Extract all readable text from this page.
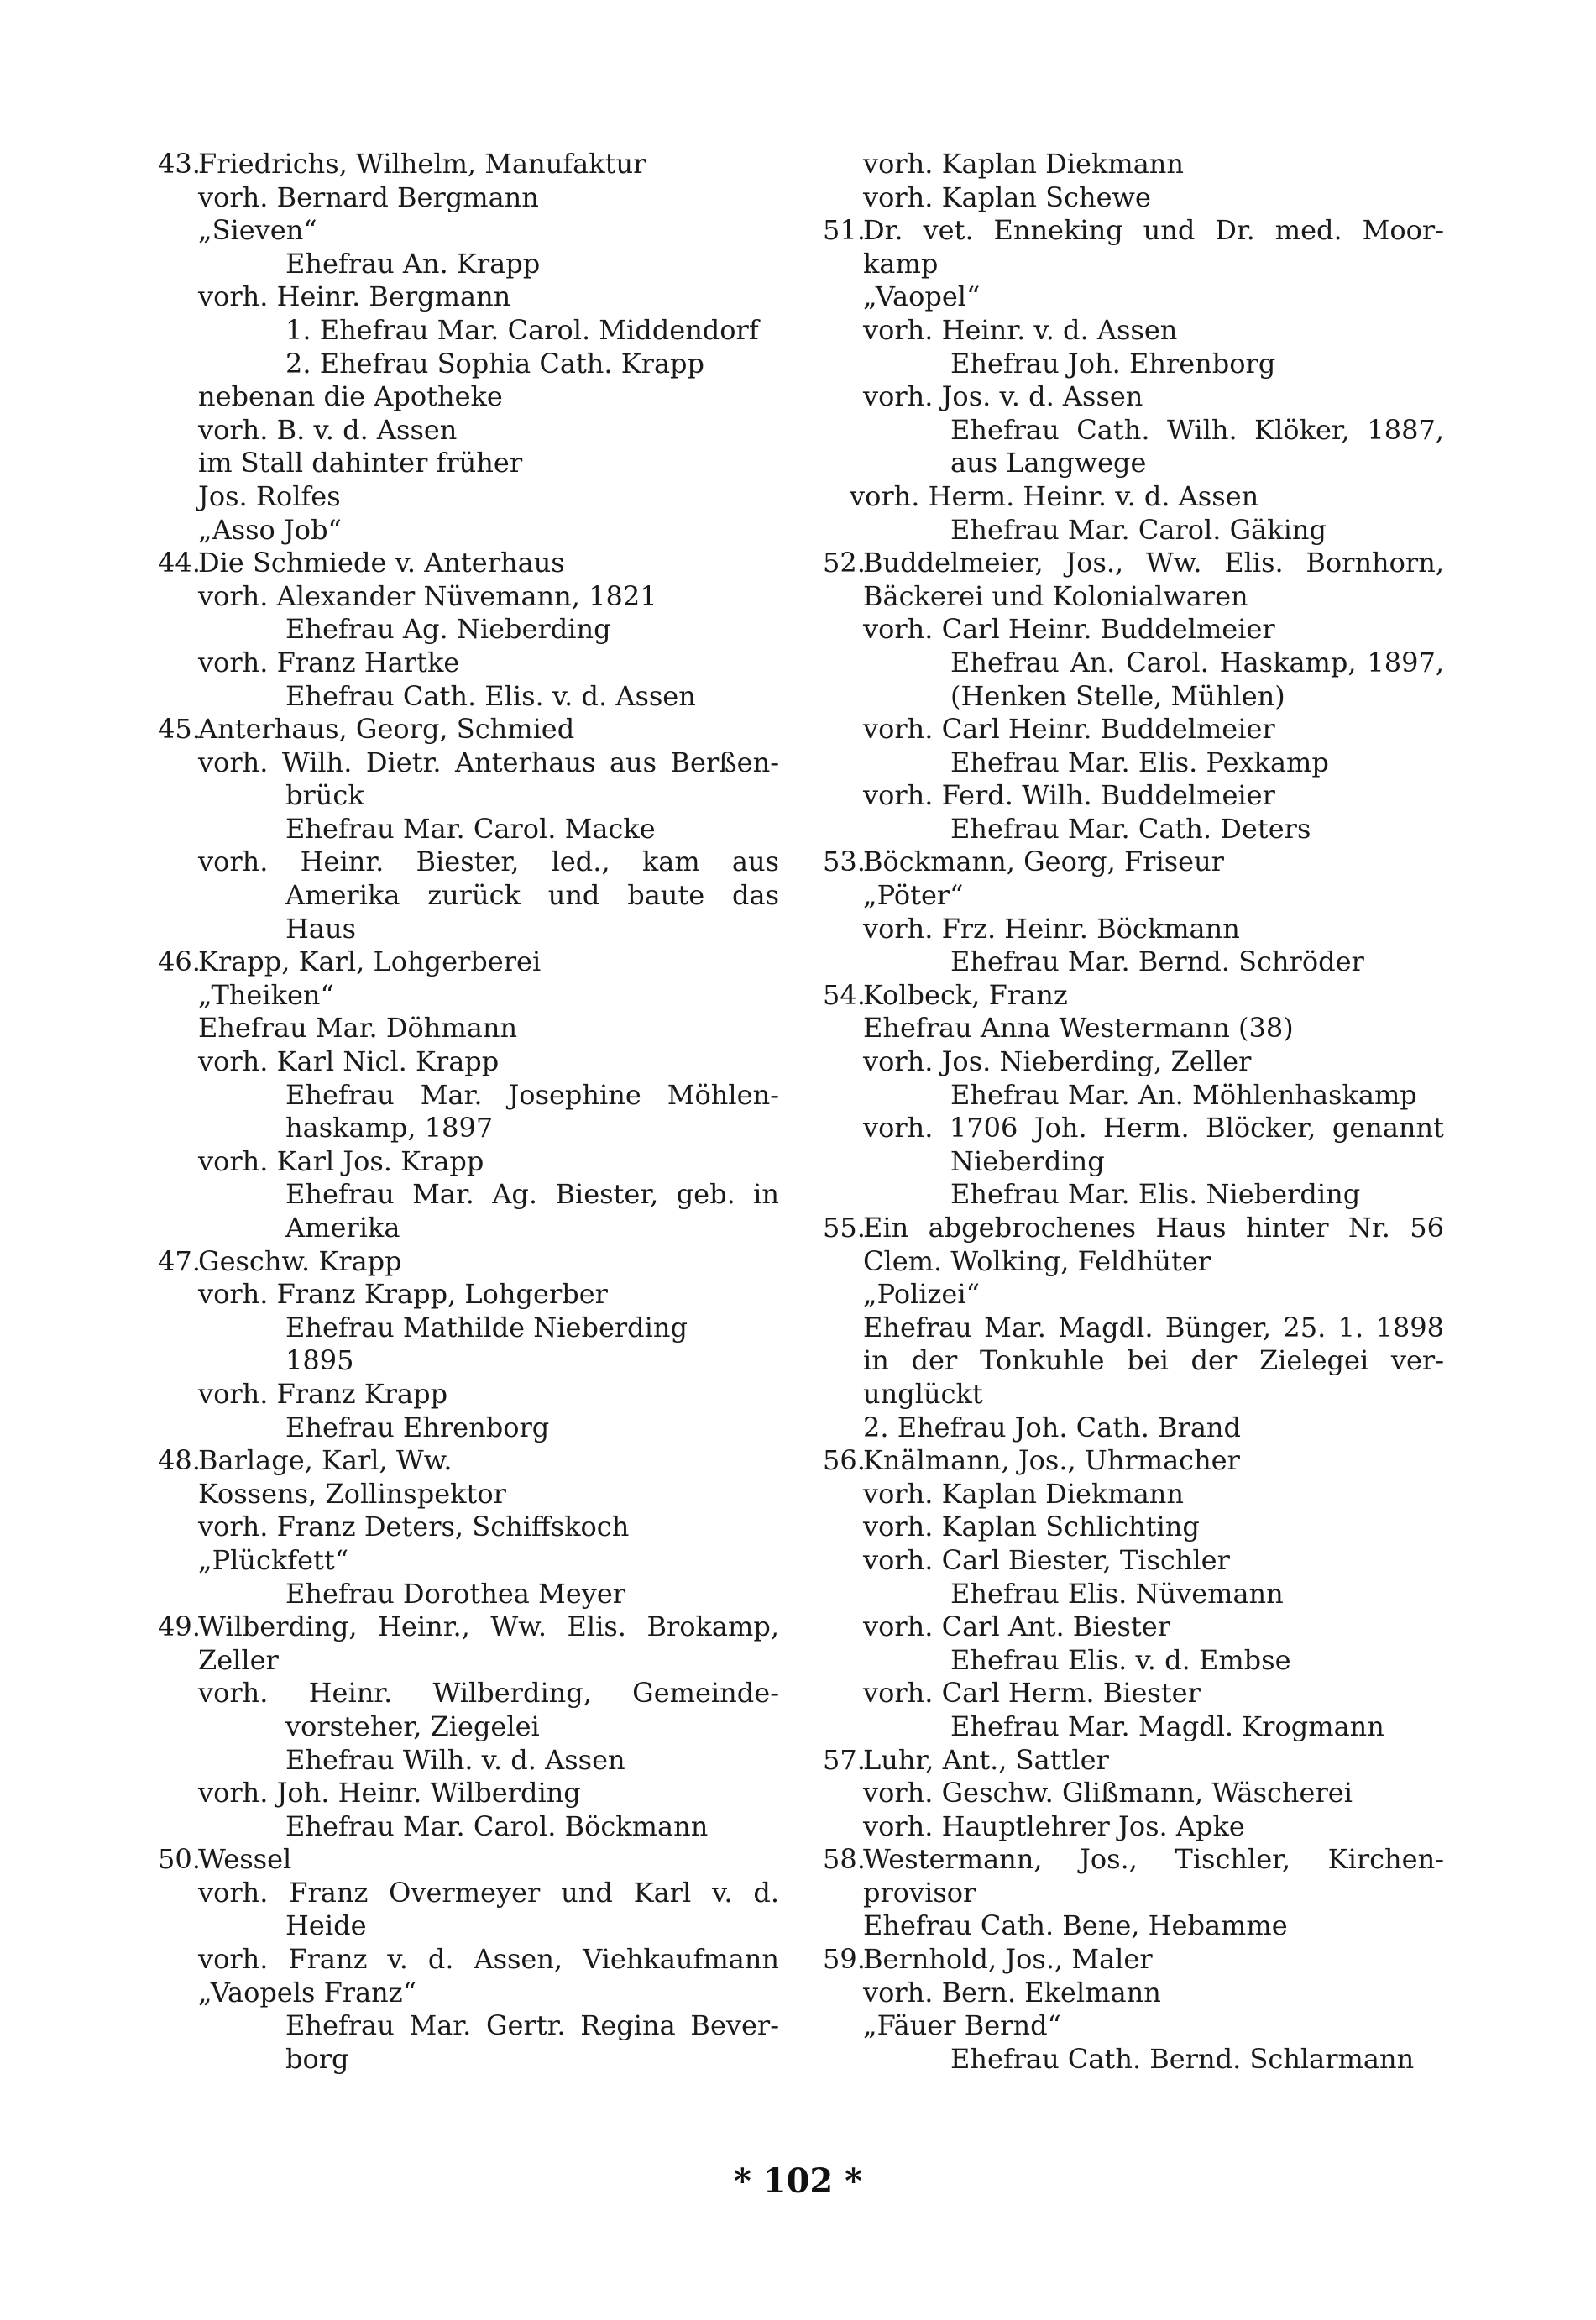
43.
Friedrichs, Wilhelm, Manufaktur
vorh. Bernard Bergmann
„Sieven“
Ehefrau An. Krapp
vorh. Heinr. Bergmann
1. Ehefrau Mar. Carol. Middendorf
2. Ehefrau Sophia Cath. Krapp
nebenan die Apotheke
vorh. B. v. d. Assen
im Stall dahinter früher
Jos. Rolfes
„Asso Job“
44.
Die Schmiede v. Anterhaus
vorh. Alexander Nüvemann, 1821
Ehefrau Ag. Nieberding
vorh. Franz Hartke
Ehefrau Cath. Elis. v. d. Assen
45.
Anterhaus, Georg, Schmied
vorh. Wilh. Dietr. Anterhaus aus Berßen-
brück
Ehefrau Mar. Carol. Macke
vorh. Heinr. Biester, led., kam aus
Amerika zurück und baute das
Haus
46.
Krapp, Karl, Lohgerberei
„Theiken“
Ehefrau Mar. Döhmann
vorh. Karl Nicl. Krapp
Ehefrau Mar. Josephine Möhlen-
haskamp, 1897
vorh. Karl Jos. Krapp
Ehefrau Mar. Ag. Biester, geb. in
Amerika
47.
Geschw. Krapp
vorh. Franz Krapp, Lohgerber
Ehefrau Mathilde Nieberding
1895
vorh. Franz Krapp
Ehefrau Ehrenborg
48.
Barlage, Karl, Ww.
Kossens, Zollinspektor
vorh. Franz Deters, Schiffskoch
„Plückfett“
Ehefrau Dorothea Meyer
49.
Wilberding, Heinr., Ww. Elis. Brokamp,
Zeller
vorh. Heinr. Wilberding, Gemeinde-
vorsteher, Ziegelei
Ehefrau Wilh. v. d. Assen
vorh. Joh. Heinr. Wilberding
Ehefrau Mar. Carol. Böckmann
50.
Wessel
vorh. Franz Overmeyer und Karl v. d.
Heide
vorh. Franz v. d. Assen, Viehkaufmann
„Vaopels Franz“
Ehefrau Mar. Gertr. Regina Bever-
borg
vorh. Kaplan Diekmann
vorh. Kaplan Schewe
51.
Dr. vet. Enneking und Dr. med. Moor-
kamp
„Vaopel“
vorh. Heinr. v. d. Assen
Ehefrau Joh. Ehrenborg
vorh. Jos. v. d. Assen
Ehefrau Cath. Wilh. Klöker, 1887,
aus Langwege
vorh. Herm. Heinr. v. d. Assen
Ehefrau Mar. Carol. Gäking
52.
Buddelmeier, Jos., Ww. Elis. Bornhorn,
Bäckerei und Kolonialwaren
vorh. Carl Heinr. Buddelmeier
Ehefrau An. Carol. Haskamp, 1897,
(Henken Stelle, Mühlen)
vorh. Carl Heinr. Buddelmeier
Ehefrau Mar. Elis. Pexkamp
vorh. Ferd. Wilh. Buddelmeier
Ehefrau Mar. Cath. Deters
53.
Böckmann, Georg, Friseur
„Pöter“
vorh. Frz. Heinr. Böckmann
Ehefrau Mar. Bernd. Schröder
54.
Kolbeck, Franz
Ehefrau Anna Westermann (38)
vorh. Jos. Nieberding, Zeller
Ehefrau Mar. An. Möhlenhaskamp
vorh. 1706 Joh. Herm. Blöcker, genannt
Nieberding
Ehefrau Mar. Elis. Nieberding
55.
Ein abgebrochenes Haus hinter Nr. 56
Clem. Wolking, Feldhüter
„Polizei“
Ehefrau Mar. Magdl. Bünger, 25. 1. 1898
in der Tonkuhle bei der Zielegei ver-
unglückt
2. Ehefrau Joh. Cath. Brand
56.
Knälmann, Jos., Uhrmacher
vorh. Kaplan Diekmann
vorh. Kaplan Schlichting
vorh. Carl Biester, Tischler
Ehefrau Elis. Nüvemann
vorh. Carl Ant. Biester
Ehefrau Elis. v. d. Embse
vorh. Carl Herm. Biester
Ehefrau Mar. Magdl. Krogmann
57.
Luhr, Ant., Sattler
vorh. Geschw. Glißmann, Wäscherei
vorh. Hauptlehrer Jos. Apke
58.
Westermann, Jos., Tischler, Kirchen-
provisor
Ehefrau Cath. Bene, Hebamme
59.
Bernhold, Jos., Maler
vorh. Bern. Ekelmann
„Fäuer Bernd“
Ehefrau Cath. Bernd. Schlarmann
* 102 *
